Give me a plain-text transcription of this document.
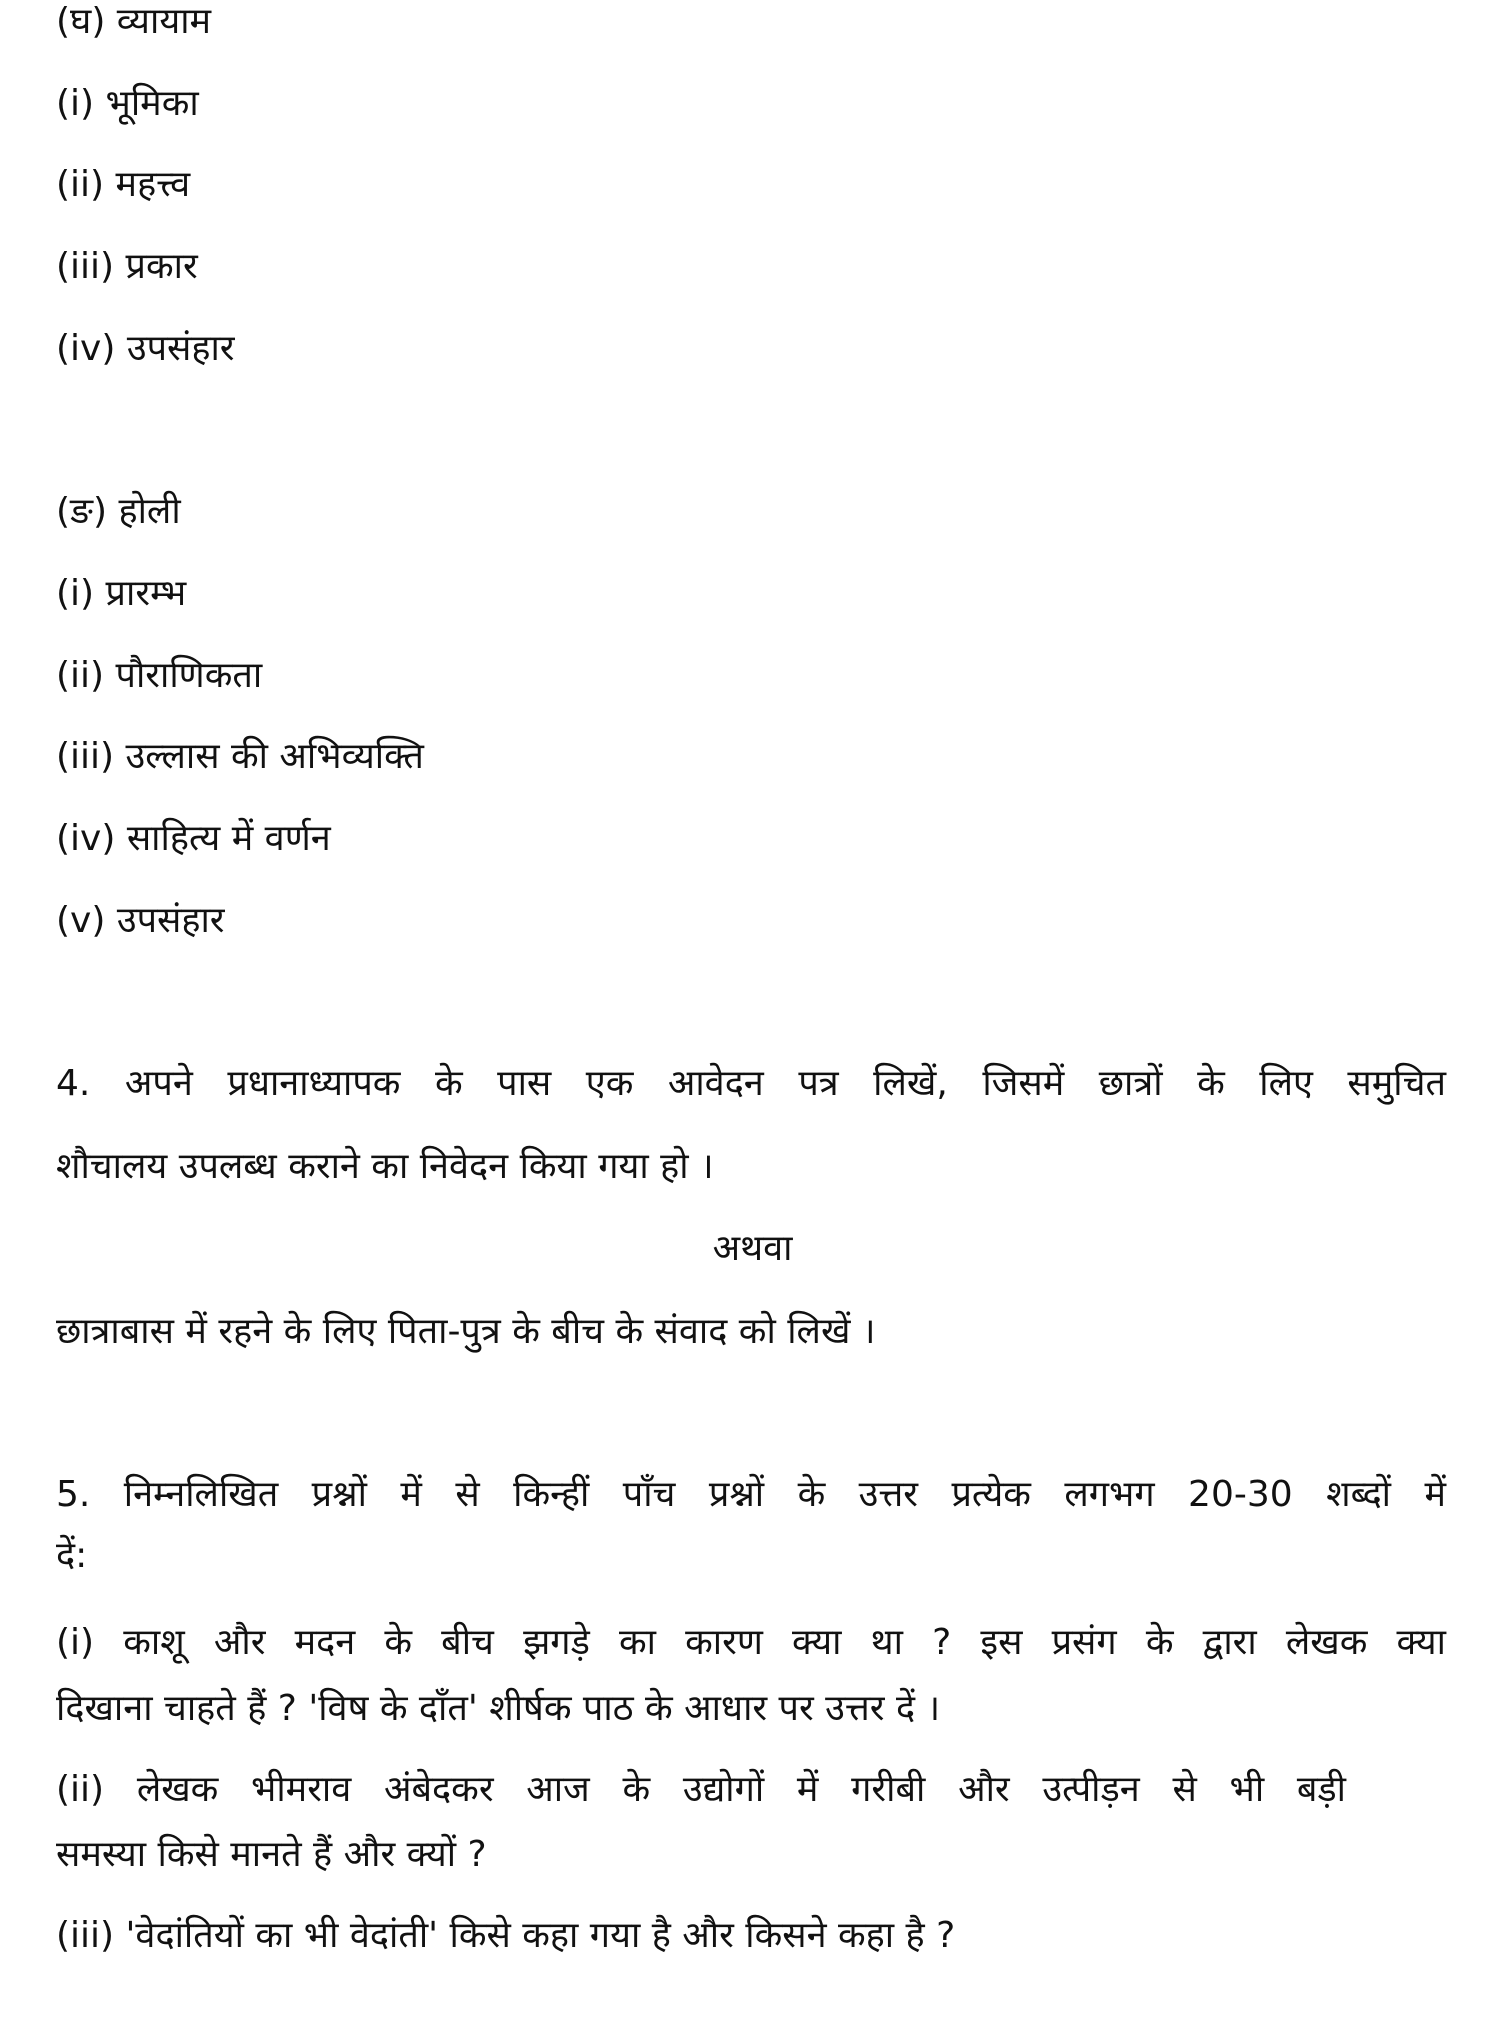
(घ) व्यायाम
(i) भूमिका
(ii) महत्त्व
(iii) प्रकार
(iv) उपसंहार
(ङ) होली
(i) प्रारम्भ
(ii) पौराणिकता
(iii) उल्लास की अभिव्यक्ति
(iv) साहित्य में वर्णन
(v) उपसंहार
4. अपने प्रधानाध्यापक के पास एक आवेदन पत्र लिखें, जिसमें छात्रों के लिए समुचित
शौचालय उपलब्ध कराने का निवेदन किया गया हो ।
अथवा
छात्राबास में रहने के लिए पिता-पुत्र के बीच के संवाद को लिखें ।
5. निम्नलिखित प्रश्नों में से किन्हीं पाँच प्रश्नों के उत्तर प्रत्येक लगभग 20-30 शब्दों में
दें:
(i) काशू और मदन के बीच झगड़े का कारण क्या था ? इस प्रसंग के द्वारा लेखक क्या
दिखाना चाहते हैं ? 'विष के दाँत' शीर्षक पाठ के आधार पर उत्तर दें ।
(ii) लेखक भीमराव अंबेदकर आज के उद्योगों में गरीबी और उत्पीड़न से भी बड़ी
समस्या किसे मानते हैं और क्यों ?
(iii) 'वेदांतियों का भी वेदांती' किसे कहा गया है और किसने कहा है ?
